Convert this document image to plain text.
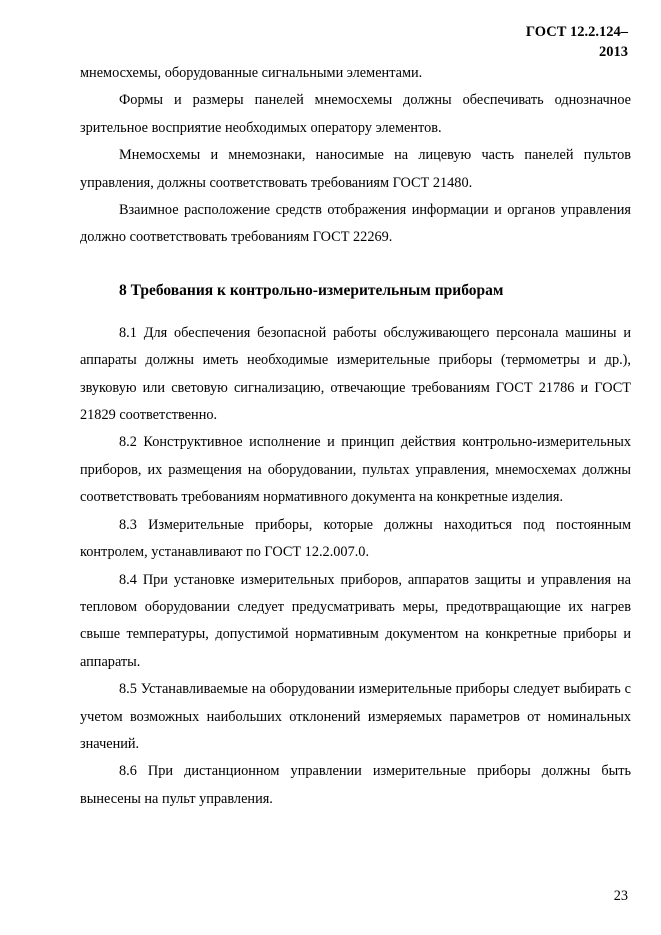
ГОСТ 12.2.124–
2013

мнемосхемы, оборудованные сигнальными элементами.

Формы и размеры панелей мнемосхемы должны обеспечивать однозначное зрительное восприятие необходимых оператору элементов.

Мнемосхемы и мнемознаки, наносимые на лицевую часть панелей пультов управления, должны соответствовать требованиям ГОСТ 21480.

Взаимное расположение средств отображения информации и органов управления должно соответствовать требованиям ГОСТ 22269.

8 Требования к контрольно-измерительным приборам

8.1 Для обеспечения безопасной работы обслуживающего персонала машины и аппараты должны иметь необходимые измерительные приборы (термометры и др.), звуковую или световую сигнализацию, отвечающие требованиям ГОСТ 21786 и ГОСТ 21829 соответственно.

8.2 Конструктивное исполнение и принцип действия контрольно-измерительных приборов, их размещения на оборудовании, пультах управления, мнемосхемах должны соответствовать требованиям нормативного документа на конкретные изделия.

8.3 Измерительные приборы, которые должны находиться под постоянным контролем, устанавливают по ГОСТ 12.2.007.0.

8.4 При установке измерительных приборов, аппаратов защиты и управления на тепловом оборудовании следует предусматривать меры, предотвращающие их нагрев свыше температуры, допустимой нормативным документом на конкретные приборы и аппараты.

8.5 Устанавливаемые на оборудовании измерительные приборы следует выбирать с учетом возможных наибольших отклонений измеряемых параметров от номинальных значений.

8.6 При дистанционном управлении измерительные приборы должны быть вынесены на пульт управления.

23
